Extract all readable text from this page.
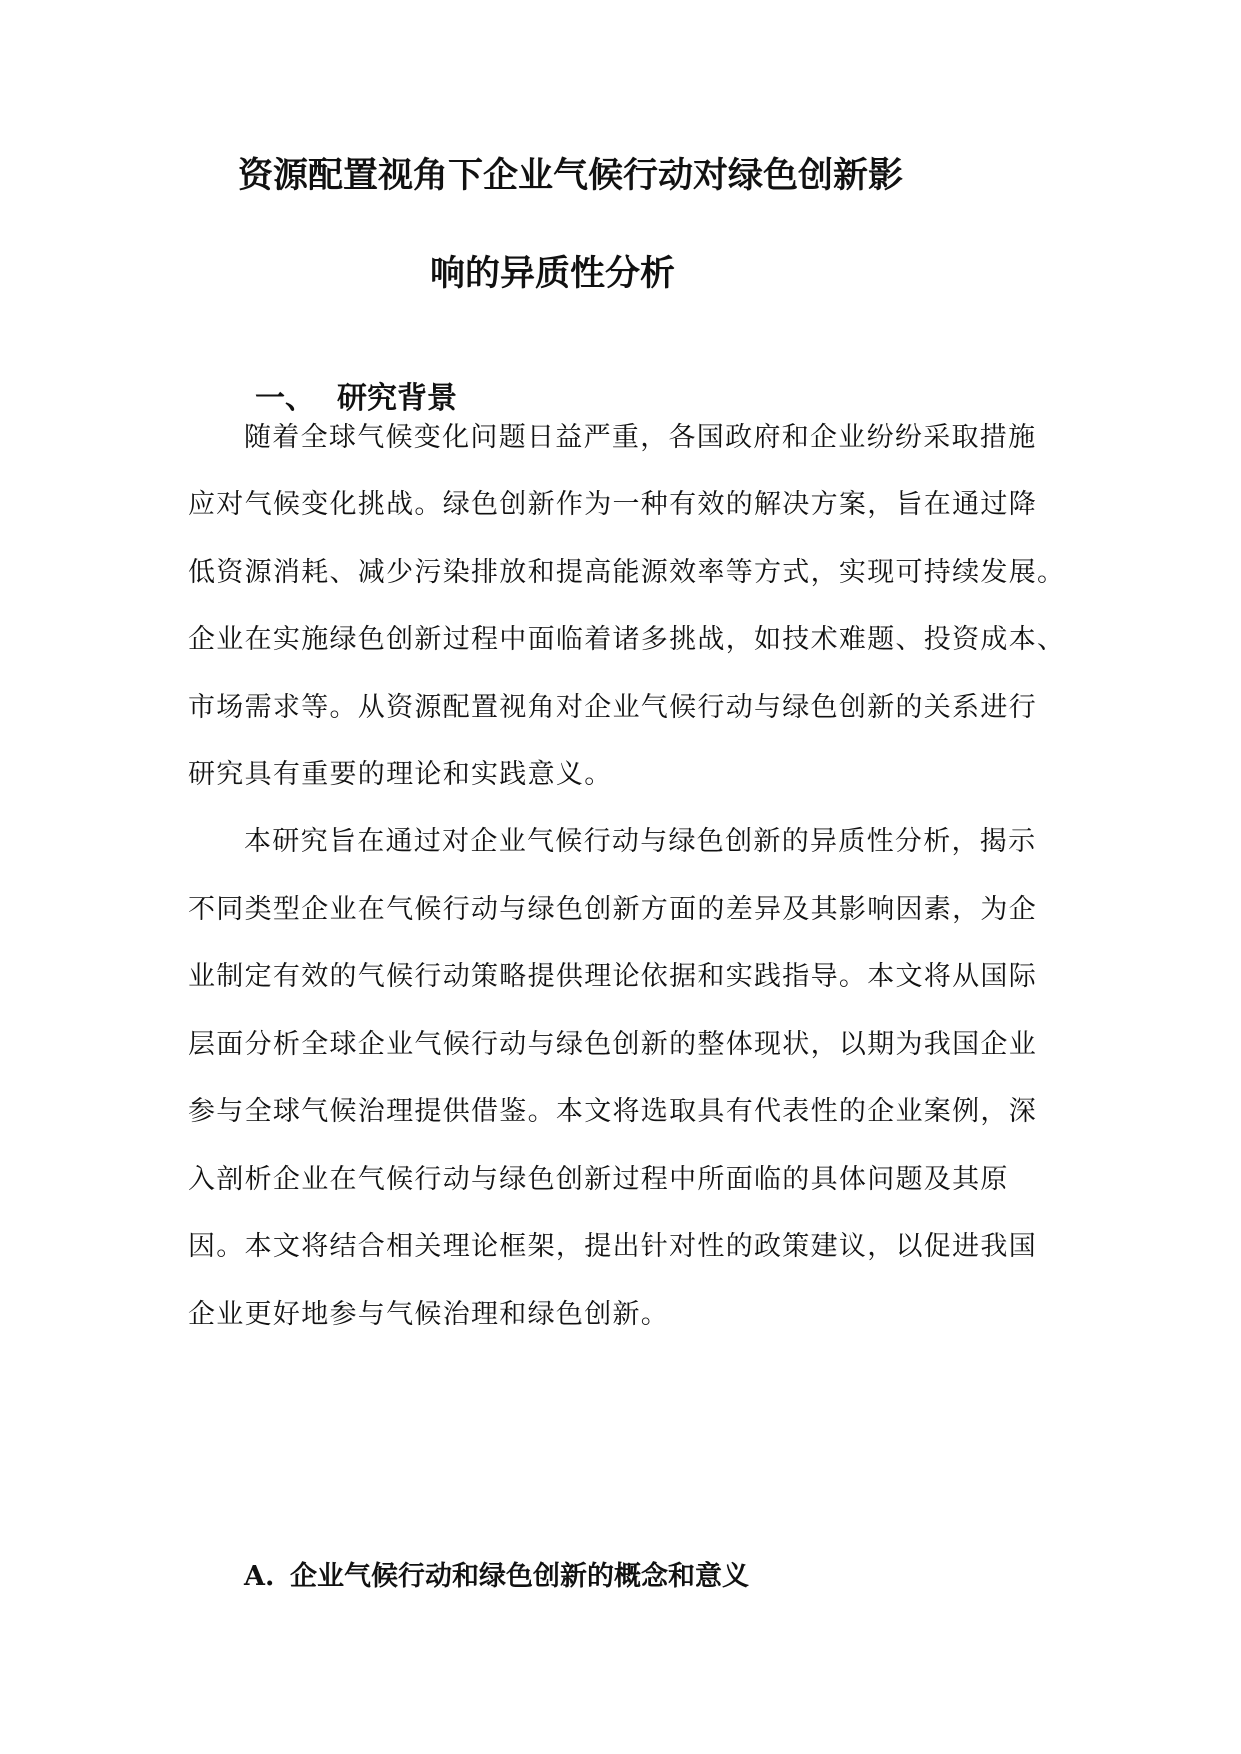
资源配置视角下企业气候行动对绿色创新影
响的异质性分析
一、 研究背景
随着全球气候变化问题日益严重，各国政府和企业纷纷采取措施
应对气候变化挑战。绿色创新作为一种有效的解决方案，旨在通过降
低资源消耗、减少污染排放和提高能源效率等方式，实现可持续发展。
企业在实施绿色创新过程中面临着诸多挑战，如技术难题、投资成本、
市场需求等。从资源配置视角对企业气候行动与绿色创新的关系进行
研究具有重要的理论和实践意义。
本研究旨在通过对企业气候行动与绿色创新的异质性分析，揭示
不同类型企业在气候行动与绿色创新方面的差异及其影响因素，为企
业制定有效的气候行动策略提供理论依据和实践指导。本文将从国际
层面分析全球企业气候行动与绿色创新的整体现状，以期为我国企业
参与全球气候治理提供借鉴。本文将选取具有代表性的企业案例，深
入剖析企业在气候行动与绿色创新过程中所面临的具体问题及其原
因。本文将结合相关理论框架，提出针对性的政策建议，以促进我国
企业更好地参与气候治理和绿色创新。
A. 企业气候行动和绿色创新的概念和意义
